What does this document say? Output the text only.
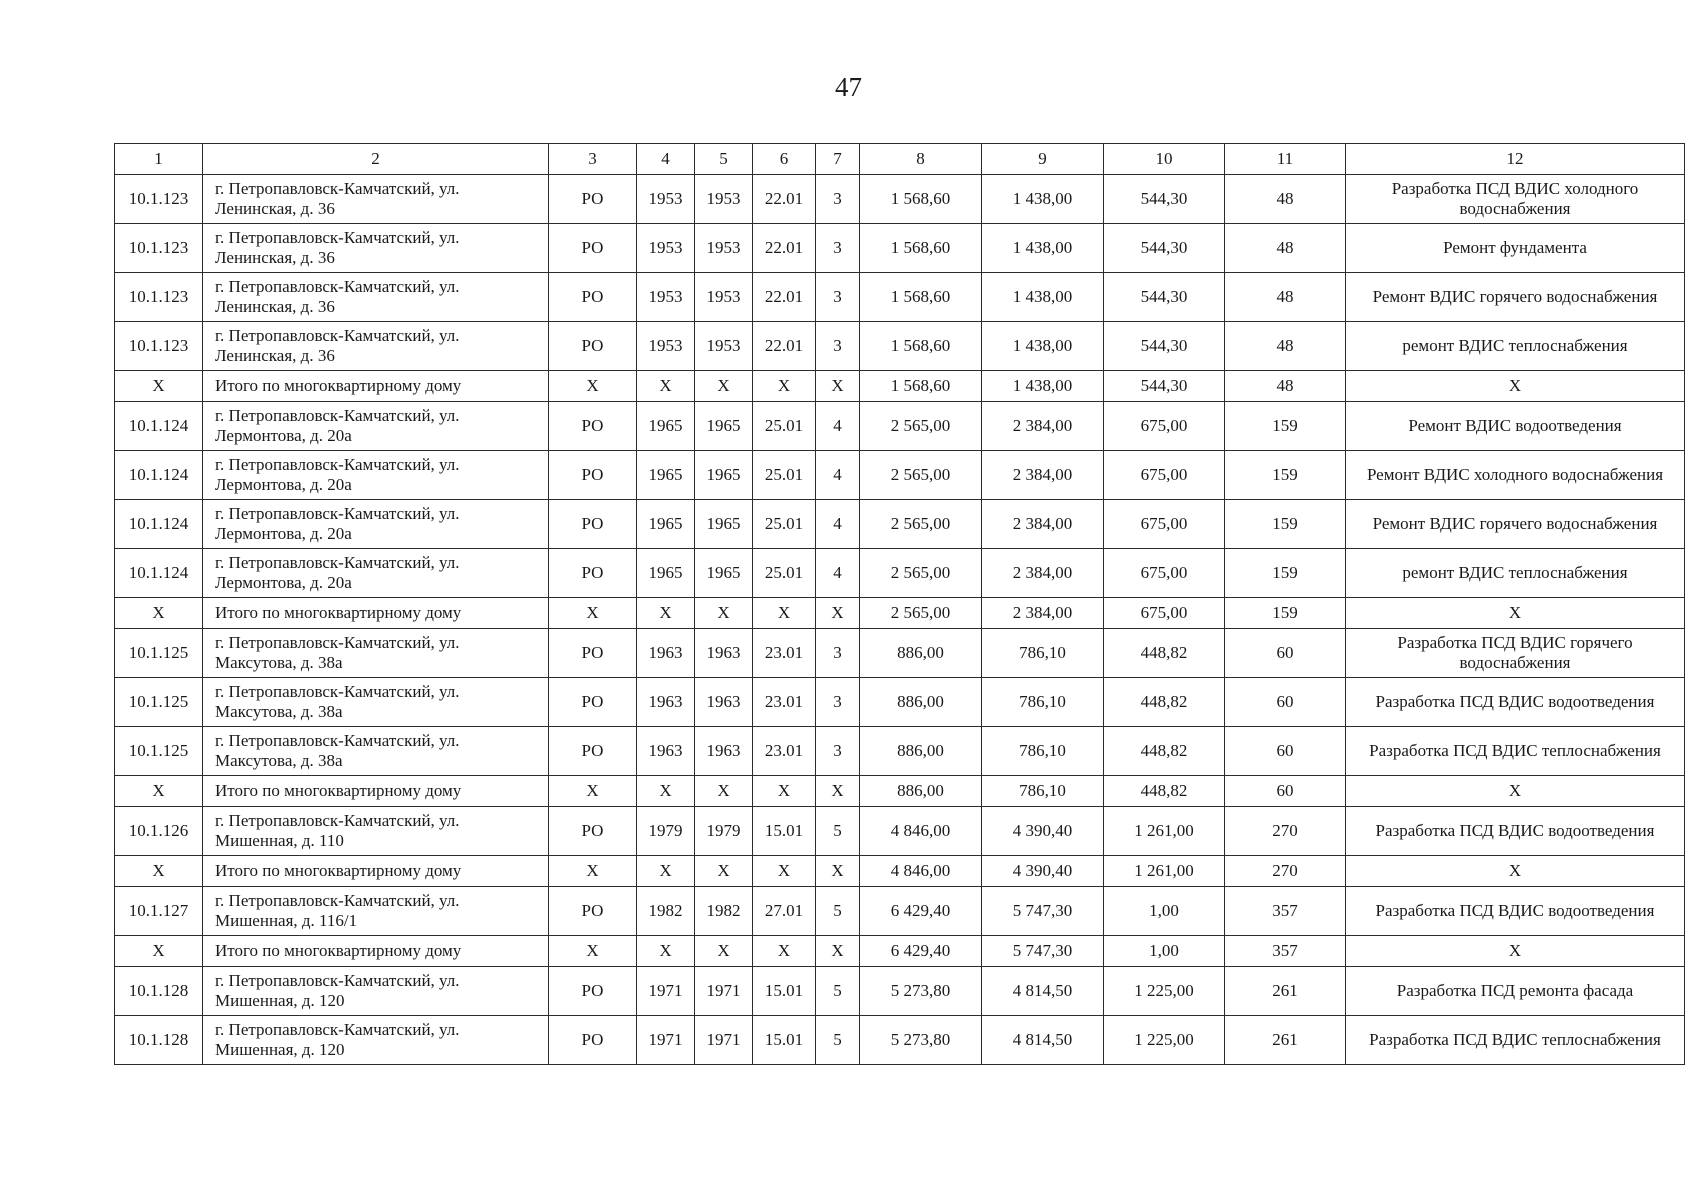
47
1	2	3	4	5	6	7	8	9	10	11	12
10.1.123	г. Петропавловск-Камчатский, ул. Ленинская, д. 36	РО	1953	1953	22.01	3	1 568,60	1 438,00	544,30	48	Разработка ПСД ВДИС холодного водоснабжения
10.1.123	г. Петропавловск-Камчатский, ул. Ленинская, д. 36	РО	1953	1953	22.01	3	1 568,60	1 438,00	544,30	48	Ремонт фундамента
10.1.123	г. Петропавловск-Камчатский, ул. Ленинская, д. 36	РО	1953	1953	22.01	3	1 568,60	1 438,00	544,30	48	Ремонт ВДИС горячего водоснабжения
10.1.123	г. Петропавловск-Камчатский, ул. Ленинская, д. 36	РО	1953	1953	22.01	3	1 568,60	1 438,00	544,30	48	ремонт ВДИС теплоснабжения
Х	Итого по многоквартирному дому	Х	Х	Х	Х	Х	1 568,60	1 438,00	544,30	48	Х
10.1.124	г. Петропавловск-Камчатский, ул. Лермонтова, д. 20а	РО	1965	1965	25.01	4	2 565,00	2 384,00	675,00	159	Ремонт ВДИС водоотведения
10.1.124	г. Петропавловск-Камчатский, ул. Лермонтова, д. 20а	РО	1965	1965	25.01	4	2 565,00	2 384,00	675,00	159	Ремонт ВДИС холодного водоснабжения
10.1.124	г. Петропавловск-Камчатский, ул. Лермонтова, д. 20а	РО	1965	1965	25.01	4	2 565,00	2 384,00	675,00	159	Ремонт ВДИС горячего водоснабжения
10.1.124	г. Петропавловск-Камчатский, ул. Лермонтова, д. 20а	РО	1965	1965	25.01	4	2 565,00	2 384,00	675,00	159	ремонт ВДИС теплоснабжения
Х	Итого по многоквартирному дому	Х	Х	Х	Х	Х	2 565,00	2 384,00	675,00	159	Х
10.1.125	г. Петропавловск-Камчатский, ул. Максутова, д. 38а	РО	1963	1963	23.01	3	886,00	786,10	448,82	60	Разработка ПСД ВДИС горячего водоснабжения
10.1.125	г. Петропавловск-Камчатский, ул. Максутова, д. 38а	РО	1963	1963	23.01	3	886,00	786,10	448,82	60	Разработка ПСД ВДИС водоотведения
10.1.125	г. Петропавловск-Камчатский, ул. Максутова, д. 38а	РО	1963	1963	23.01	3	886,00	786,10	448,82	60	Разработка ПСД ВДИС теплоснабжения
Х	Итого по многоквартирному дому	Х	Х	Х	Х	Х	886,00	786,10	448,82	60	Х
10.1.126	г. Петропавловск-Камчатский, ул. Мишенная, д. 110	РО	1979	1979	15.01	5	4 846,00	4 390,40	1 261,00	270	Разработка ПСД ВДИС водоотведения
Х	Итого по многоквартирному дому	Х	Х	Х	Х	Х	4 846,00	4 390,40	1 261,00	270	Х
10.1.127	г. Петропавловск-Камчатский, ул. Мишенная, д. 116/1	РО	1982	1982	27.01	5	6 429,40	5 747,30	1,00	357	Разработка ПСД ВДИС водоотведения
Х	Итого по многоквартирному дому	Х	Х	Х	Х	Х	6 429,40	5 747,30	1,00	357	Х
10.1.128	г. Петропавловск-Камчатский, ул. Мишенная, д. 120	РО	1971	1971	15.01	5	5 273,80	4 814,50	1 225,00	261	Разработка ПСД ремонта фасада
10.1.128	г. Петропавловск-Камчатский, ул. Мишенная, д. 120	РО	1971	1971	15.01	5	5 273,80	4 814,50	1 225,00	261	Разработка ПСД ВДИС теплоснабжения
